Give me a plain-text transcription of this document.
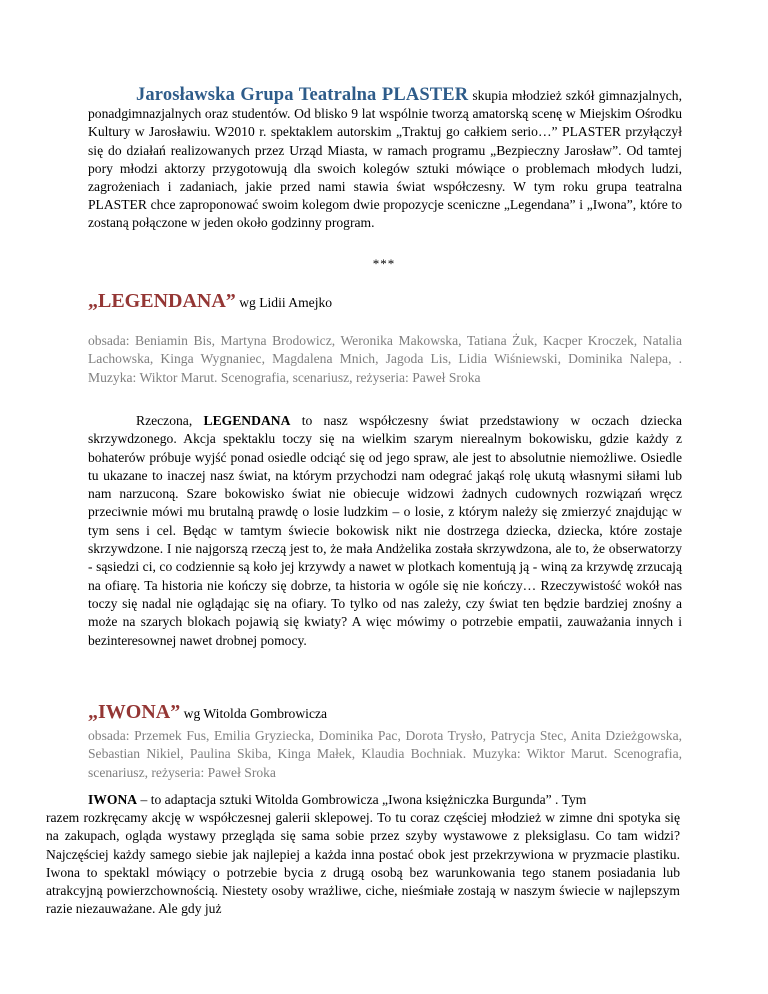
Jarosławska Grupa Teatralna PLASTER skupia młodzież szkół gimnazjalnych, ponadgimnazjalnych oraz studentów. Od blisko 9 lat wspólnie tworzą amatorską scenę w Miejskim Ośrodku Kultury w Jarosławiu. W2010 r. spektaklem autorskim „Traktuj go całkiem serio…” PLASTER przyłączył się do działań realizowanych przez Urząd Miasta, w ramach programu „Bezpieczny Jarosław”. Od tamtej pory młodzi aktorzy przygotowują dla swoich kolegów sztuki mówiące o problemach młodych ludzi, zagrożeniach i zadaniach, jakie przed nami stawia świat współczesny. W tym roku grupa teatralna PLASTER chce zaproponować swoim kolegom dwie propozycje sceniczne „Legendana” i „Iwona”, które to zostaną połączone w jeden około godzinny program.
***
„LEGENDANA” wg Lidii Amejko
obsada: Beniamin Bis, Martyna Brodowicz, Weronika Makowska, Tatiana Żuk, Kacper Kroczek, Natalia Lachowska, Kinga Wygnaniec, Magdalena Mnich, Jagoda Lis, Lidia Wiśniewski, Dominika Nalepa, . Muzyka: Wiktor Marut. Scenografia, scenariusz, reżyseria: Paweł Sroka
Rzeczona, LEGENDANA to nasz współczesny świat przedstawiony w oczach dziecka skrzywdzonego. Akcja spektaklu toczy się na wielkim szarym nierealnym bokowisku, gdzie każdy z bohaterów próbuje wyjść ponad osiedle odciąć się od jego spraw, ale jest to absolutnie niemożliwe. Osiedle tu ukazane to inaczej nasz świat, na którym przychodzi nam odegrać jakąś rolę ukutą własnymi siłami lub nam narzuconą. Szare bokowisko świat nie obiecuje widzowi żadnych cudownych rozwiązań wręcz przeciwnie mówi mu brutalną prawdę o losie ludzkim – o losie, z którym należy się zmierzyć znajdując w tym sens i cel. Będąc w tamtym świecie bokowisk nikt nie dostrzega dziecka, dziecka, które zostaje skrzywdzone. I nie najgorszą rzeczą jest to, że mała Andżelika została skrzywdzona, ale to, że obserwatorzy - sąsiedzi ci, co codziennie są koło jej krzywdy a nawet w plotkach komentują ją - winą za krzywdę zrzucają na ofiarę. Ta historia nie kończy się dobrze, ta historia w ogóle się nie kończy… Rzeczywistość wokół nas toczy się nadal nie oglądając się na ofiary. To tylko od nas zależy, czy świat ten będzie bardziej znośny a może na szarych blokach pojawią się kwiaty? A więc mówimy o potrzebie empatii, zauważania innych i bezinteresownej nawet drobnej pomocy.
„IWONA” wg Witolda Gombrowicza
obsada: Przemek Fus, Emilia Gryziecka, Dominika Pac, Dorota Trysło, Patrycja Stec, Anita Dzieżgowska, Sebastian Nikiel, Paulina Skiba, Kinga Małek, Klaudia Bochniak. Muzyka: Wiktor Marut. Scenografia, scenariusz, reżyseria: Paweł Sroka
IWONA – to adaptacja sztuki Witolda Gombrowicza „Iwona księżniczka Burgunda” . Tym
razem rozkręcamy akcję w współczesnej galerii sklepowej. To tu coraz częściej młodzież w zimne dni spotyka się na zakupach, ogląda wystawy przegląda się sama sobie przez szyby wystawowe z pleksiglasu. Co tam widzi? Najczęściej każdy samego siebie jak najlepiej a każda inna postać obok jest przekrzywiona w pryzmacie plastiku. Iwona to spektakl mówiący o potrzebie bycia z drugą osobą bez warunkowania tego stanem posiadania lub atrakcyjną powierzchownością. Niestety osoby wrażliwe, ciche, nieśmiałe zostają w naszym świecie w najlepszym razie niezauważane. Ale gdy już
